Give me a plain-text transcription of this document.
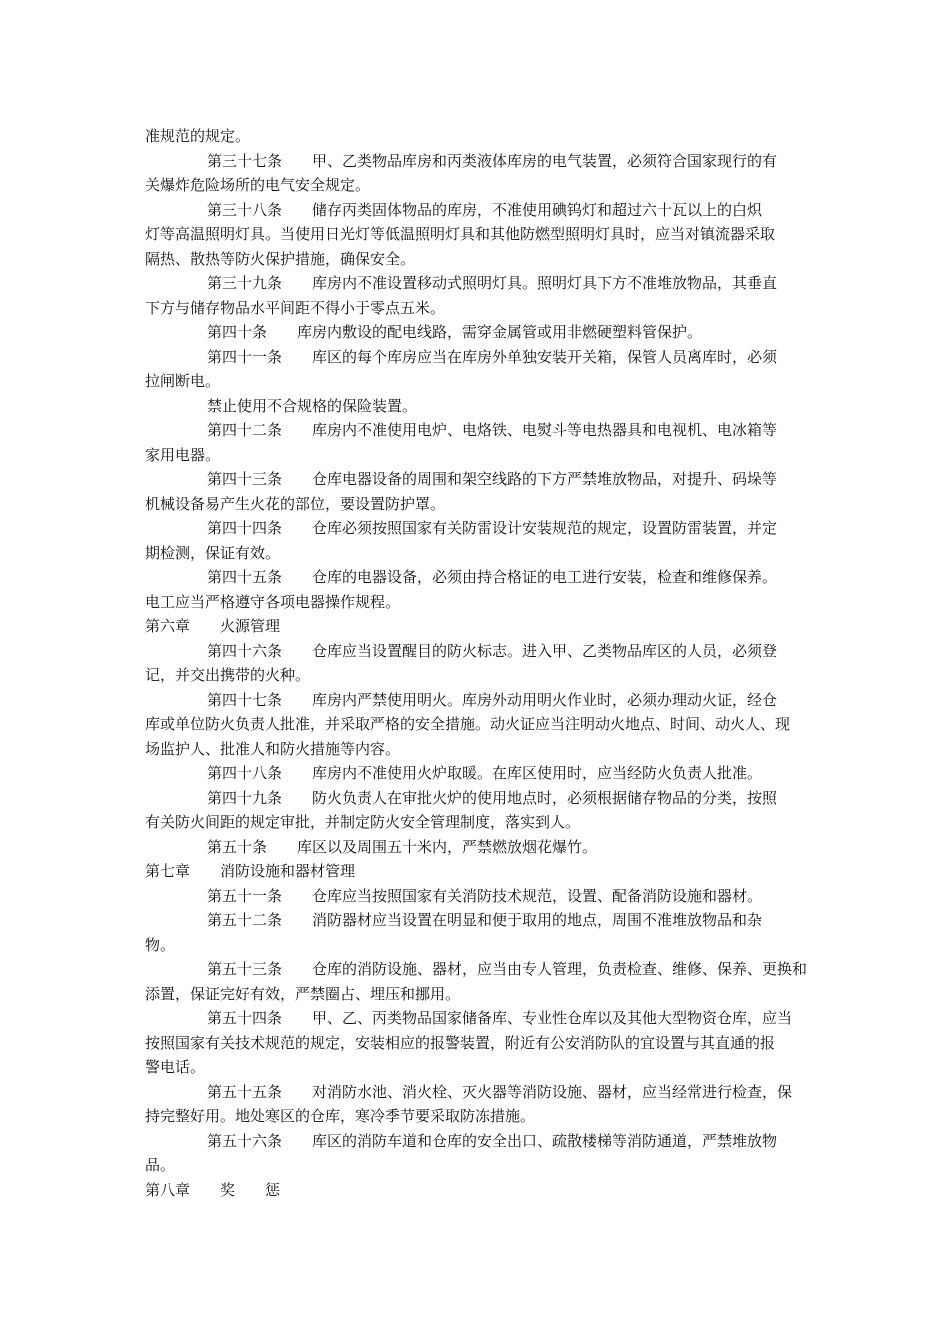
准规范的规定。
第三十七条 甲、乙类物品库房和丙类液体库房的电气装置，必须符合国家现行的有
关爆炸危险场所的电气安全规定。
第三十八条 储存丙类固体物品的库房，不准使用碘钨灯和超过六十瓦以上的白炽
灯等高温照明灯具。当使用日光灯等低温照明灯具和其他防燃型照明灯具时，应当对镇流器采取
隔热、散热等防火保护措施，确保安全。
第三十九条 库房内不准设置移动式照明灯具。照明灯具下方不准堆放物品，其垂直
下方与储存物品水平间距不得小于零点五米。
第四十条 库房内敷设的配电线路，需穿金属管或用非燃硬塑料管保护。
第四十一条 库区的每个库房应当在库房外单独安装开关箱，保管人员离库时，必须
拉闸断电。
禁止使用不合规格的保险装置。
第四十二条 库房内不准使用电炉、电烙铁、电熨斗等电热器具和电视机、电冰箱等
家用电器。
第四十三条 仓库电器设备的周围和架空线路的下方严禁堆放物品，对提升、码垛等
机械设备易产生火花的部位，要设置防护罩。
第四十四条 仓库必须按照国家有关防雷设计安装规范的规定，设置防雷装置，并定
期检测，保证有效。
第四十五条 仓库的电器设备，必须由持合格证的电工进行安装，检查和维修保养。
电工应当严格遵守各项电器操作规程。
第六章 火源管理
第四十六条 仓库应当设置醒目的防火标志。进入甲、乙类物品库区的人员，必须登
记，并交出携带的火种。
第四十七条 库房内严禁使用明火。库房外动用明火作业时，必须办理动火证，经仓
库或单位防火负责人批准，并采取严格的安全措施。动火证应当注明动火地点、时间、动火人、现
场监护人、批准人和防火措施等内容。
第四十八条 库房内不准使用火炉取暖。在库区使用时，应当经防火负责人批准。
第四十九条 防火负责人在审批火炉的使用地点时，必须根据储存物品的分类，按照
有关防火间距的规定审批，并制定防火安全管理制度，落实到人。
第五十条 库区以及周围五十米内，严禁燃放烟花爆竹。
第七章 消防设施和器材管理
第五十一条 仓库应当按照国家有关消防技术规范，设置、配备消防设施和器材。
第五十二条 消防器材应当设置在明显和便于取用的地点，周围不准堆放物品和杂
物。
第五十三条 仓库的消防设施、器材，应当由专人管理，负责检查、维修、保养、更换和
添置，保证完好有效，严禁圈占、埋压和挪用。
第五十四条 甲、乙、丙类物品国家储备库、专业性仓库以及其他大型物资仓库，应当
按照国家有关技术规范的规定，安装相应的报警装置，附近有公安消防队的宜设置与其直通的报
警电话。
第五十五条 对消防水池、消火栓、灭火器等消防设施、器材，应当经常进行检查，保
持完整好用。地处寒区的仓库，寒冷季节要采取防冻措施。
第五十六条 库区的消防车道和仓库的安全出口、疏散楼梯等消防通道，严禁堆放物
品。
第八章 奖　　惩
